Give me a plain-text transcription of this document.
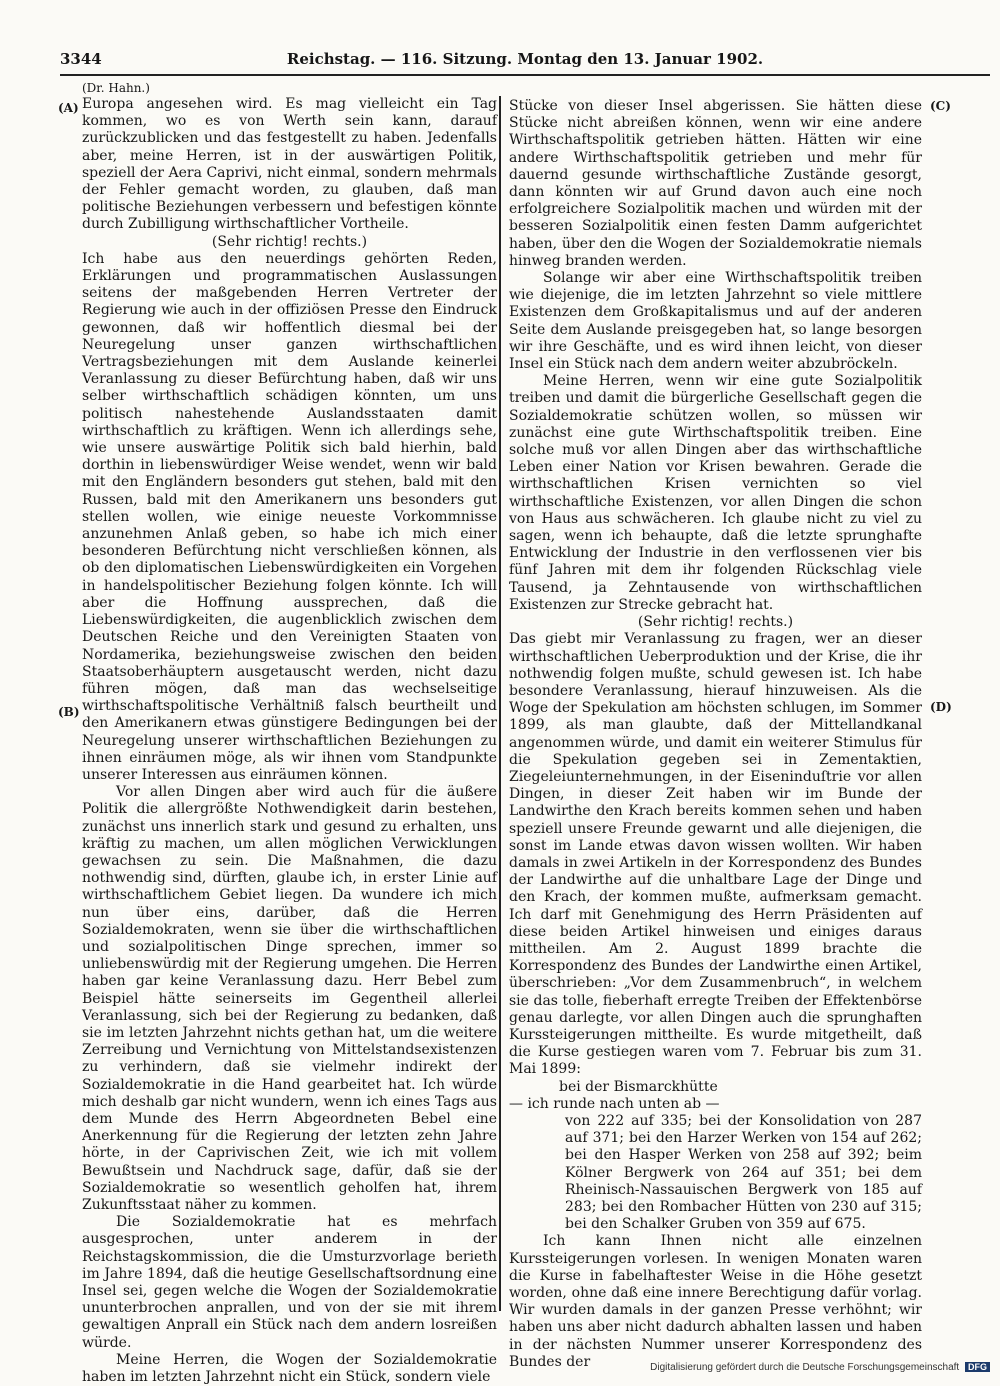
3344	Reichstag. — 116. Sitzung. Montag den 13. Januar 1902.
(Dr. Hahn.)
(A)
(B)
(C)
(D)

Europa angesehen wird. Es mag vielleicht ein Tag kommen, wo es von Werth sein kann, darauf zurückzublicken und das festgestellt zu haben. Jedenfalls aber, meine Herren, ist in der auswärtigen Politik, speziell der Aera Caprivi, nicht einmal, sondern mehrmals der Fehler gemacht worden, zu glauben, daß man politische Beziehungen verbessern und befestigen könnte durch Zubilligung wirthschaftlicher Vortheile.

(Sehr richtig! rechts.)

Ich habe aus den neuerdings gehörten Reden, Erklärungen und programmatischen Auslassungen seitens der maßgebenden Herren Vertreter der Regierung wie auch in der offiziösen Presse den Eindruck gewonnen, daß wir hoffentlich diesmal bei der Neuregelung unser ganzen wirthschaftlichen Vertragsbeziehungen mit dem Auslande keinerlei Veranlassung zu dieser Befürchtung haben, daß wir uns selber wirthschaftlich schädigen könnten, um uns politisch nahestehende Auslandsstaaten damit wirthschaftlich zu kräftigen. Wenn ich allerdings sehe, wie unsere auswärtige Politik sich bald hierhin, bald dorthin in liebenswürdiger Weise wendet, wenn wir bald mit den Engländern besonders gut stehen, bald mit den Russen, bald mit den Amerikanern uns besonders gut stellen wollen, wie einige neueste Vorkommnisse anzunehmen Anlaß geben, so habe ich mich einer besonderen Befürchtung nicht verschließen können, als ob den diplomatischen Liebenswürdigkeiten ein Vorgehen in handelspolitischer Beziehung folgen könnte. Ich will aber die Hoffnung aussprechen, daß die Liebenswürdigkeiten, die augenblicklich zwischen dem Deutschen Reiche und den Vereinigten Staaten von Nordamerika, beziehungsweise zwischen den beiden Staatsoberhäuptern ausgetauscht werden, nicht dazu führen mögen, daß man das wechselseitige wirthschaftspolitische Verhältniß falsch beurtheilt und den Amerikanern etwas günstigere Bedingungen bei der Neuregelung unserer wirthschaftlichen Beziehungen zu ihnen einräumen möge, als wir ihnen vom Standpunkte unserer Interessen aus einräumen können.

Vor allen Dingen aber wird auch für die äußere Politik die allergrößte Nothwendigkeit darin bestehen, zunächst uns innerlich stark und gesund zu erhalten, uns kräftig zu machen, um allen möglichen Verwicklungen gewachsen zu sein. Die Maßnahmen, die dazu nothwendig sind, dürften, glaube ich, in erster Linie auf wirthschaftlichem Gebiet liegen. Da wundere ich mich nun über eins, darüber, daß die Herren Sozialdemokraten, wenn sie über die wirthschaftlichen und sozialpolitischen Dinge sprechen, immer so unliebenswürdig mit der Regierung umgehen. Die Herren haben gar keine Veranlassung dazu. Herr Bebel zum Beispiel hätte seinerseits im Gegentheil allerlei Veranlassung, sich bei der Regierung zu bedanken, daß sie im letzten Jahrzehnt nichts gethan hat, um die weitere Zerreibung und Vernichtung von Mittelstandsexistenzen zu verhindern, daß sie vielmehr indirekt der Sozialdemokratie in die Hand gearbeitet hat. Ich würde mich deshalb gar nicht wundern, wenn ich eines Tags aus dem Munde des Herrn Abgeordneten Bebel eine Anerkennung für die Regierung der letzten zehn Jahre hörte, in der Caprivischen Zeit, wie ich mit vollem Bewußtsein und Nachdruck sage, dafür, daß sie der Sozialdemokratie so wesentlich geholfen hat, ihrem Zukunftsstaat näher zu kommen.

Die Sozialdemokratie hat es mehrfach ausgesprochen, unter anderem in der Reichstagskommission, die die Umsturzvorlage berieth im Jahre 1894, daß die heutige Gesellschaftsordnung eine Insel sei, gegen welche die Wogen der Sozialdemokratie ununterbrochen anprallen, und von der sie mit ihrem gewaltigen Anprall ein Stück nach dem andern losreißen würde.

Meine Herren, die Wogen der Sozialdemokratie haben im letzten Jahrzehnt nicht ein Stück, sondern viele

Stücke von dieser Insel abgerissen. Sie hätten diese Stücke nicht abreißen können, wenn wir eine andere Wirthschaftspolitik getrieben hätten. Hätten wir eine andere Wirthschaftspolitik getrieben und mehr für dauernd gesunde wirthschaftliche Zustände gesorgt, dann könnten wir auf Grund davon auch eine noch erfolgreichere Sozialpolitik machen und würden mit der besseren Sozialpolitik einen festen Damm aufgerichtet haben, über den die Wogen der Sozialdemokratie niemals hinweg branden werden.

Solange wir aber eine Wirthschaftspolitik treiben wie diejenige, die im letzten Jahrzehnt so viele mittlere Existenzen dem Großkapitalismus und auf der anderen Seite dem Auslande preisgegeben hat, so lange besorgen wir ihre Geschäfte, und es wird ihnen leicht, von dieser Insel ein Stück nach dem andern weiter abzubröckeln.

Meine Herren, wenn wir eine gute Sozialpolitik treiben und damit die bürgerliche Gesellschaft gegen die Sozialdemokratie schützen wollen, so müssen wir zunächst eine gute Wirthschaftspolitik treiben. Eine solche muß vor allen Dingen aber das wirthschaftliche Leben einer Nation vor Krisen bewahren. Gerade die wirthschaftlichen Krisen vernichten so viel wirthschaftliche Existenzen, vor allen Dingen die schon von Haus aus schwächeren. Ich glaube nicht zu viel zu sagen, wenn ich behaupte, daß die letzte sprunghafte Entwicklung der Industrie in den verflossenen vier bis fünf Jahren mit dem ihr folgenden Rückschlag viele Tausend, ja Zehntausende von wirthschaftlichen Existenzen zur Strecke gebracht hat.

(Sehr richtig! rechts.)

Das giebt mir Veranlassung zu fragen, wer an dieser wirthschaftlichen Ueberproduktion und der Krise, die ihr nothwendig folgen mußte, schuld gewesen ist. Ich habe besondere Veranlassung, hierauf hinzuweisen. Als die Woge der Spekulation am höchsten schlugen, im Sommer 1899, als man glaubte, daß der Mittellandkanal angenommen würde, und damit ein weiterer Stimulus für die Spekulation gegeben sei in Zementaktien, Ziegeleiunternehmungen, in der Eiseninduſtrie vor allen Dingen, in dieser Zeit haben wir im Bunde der Landwirthe den Krach bereits kommen sehen und haben speziell unsere Freunde gewarnt und alle diejenigen, die sonst im Lande etwas davon wissen wollten. Wir haben damals in zwei Artikeln in der Korrespondenz des Bundes der Landwirthe auf die unhaltbare Lage der Dinge und den Krach, der kommen mußte, aufmerksam gemacht. Ich darf mit Genehmigung des Herrn Präsidenten auf diese beiden Artikel hinweisen und einiges daraus mittheilen. Am 2. August 1899 brachte die Korrespondenz des Bundes der Landwirthe einen Artikel, überschrieben: „Vor dem Zusammenbruch“, in welchem sie das tolle, fieberhaft erregte Treiben der Effektenbörse genau darlegte, vor allen Dingen auch die sprunghaften Kurssteigerungen mittheilte. Es wurde mitgetheilt, daß die Kurse gestiegen waren vom 7. Februar bis zum 31. Mai 1899:

bei der Bismarckhütte

— ich runde nach unten ab —

von 222 auf 335; bei der Konsolidation von 287 auf 371; bei den Harzer Werken von 154 auf 262; bei den Hasper Werken von 258 auf 392; beim Kölner Bergwerk von 264 auf 351; bei dem Rheinisch-Nassauischen Bergwerk von 185 auf 283; bei den Rombacher Hütten von 230 auf 315; bei den Schalker Gruben von 359 auf 675.

Ich kann Ihnen nicht alle einzelnen Kurssteigerungen vorlesen. In wenigen Monaten waren die Kurse in fabelhaftester Weise in die Höhe gesetzt worden, ohne daß eine innere Berechtigung dafür vorlag. Wir wurden damals in der ganzen Presse verhöhnt; wir haben uns aber nicht dadurch abhalten lassen und haben in der nächsten Nummer unserer Korrespondenz des Bundes der	Digitalisierung gefördert durch die Deutsche Forschungsgemeinschaft DFG
